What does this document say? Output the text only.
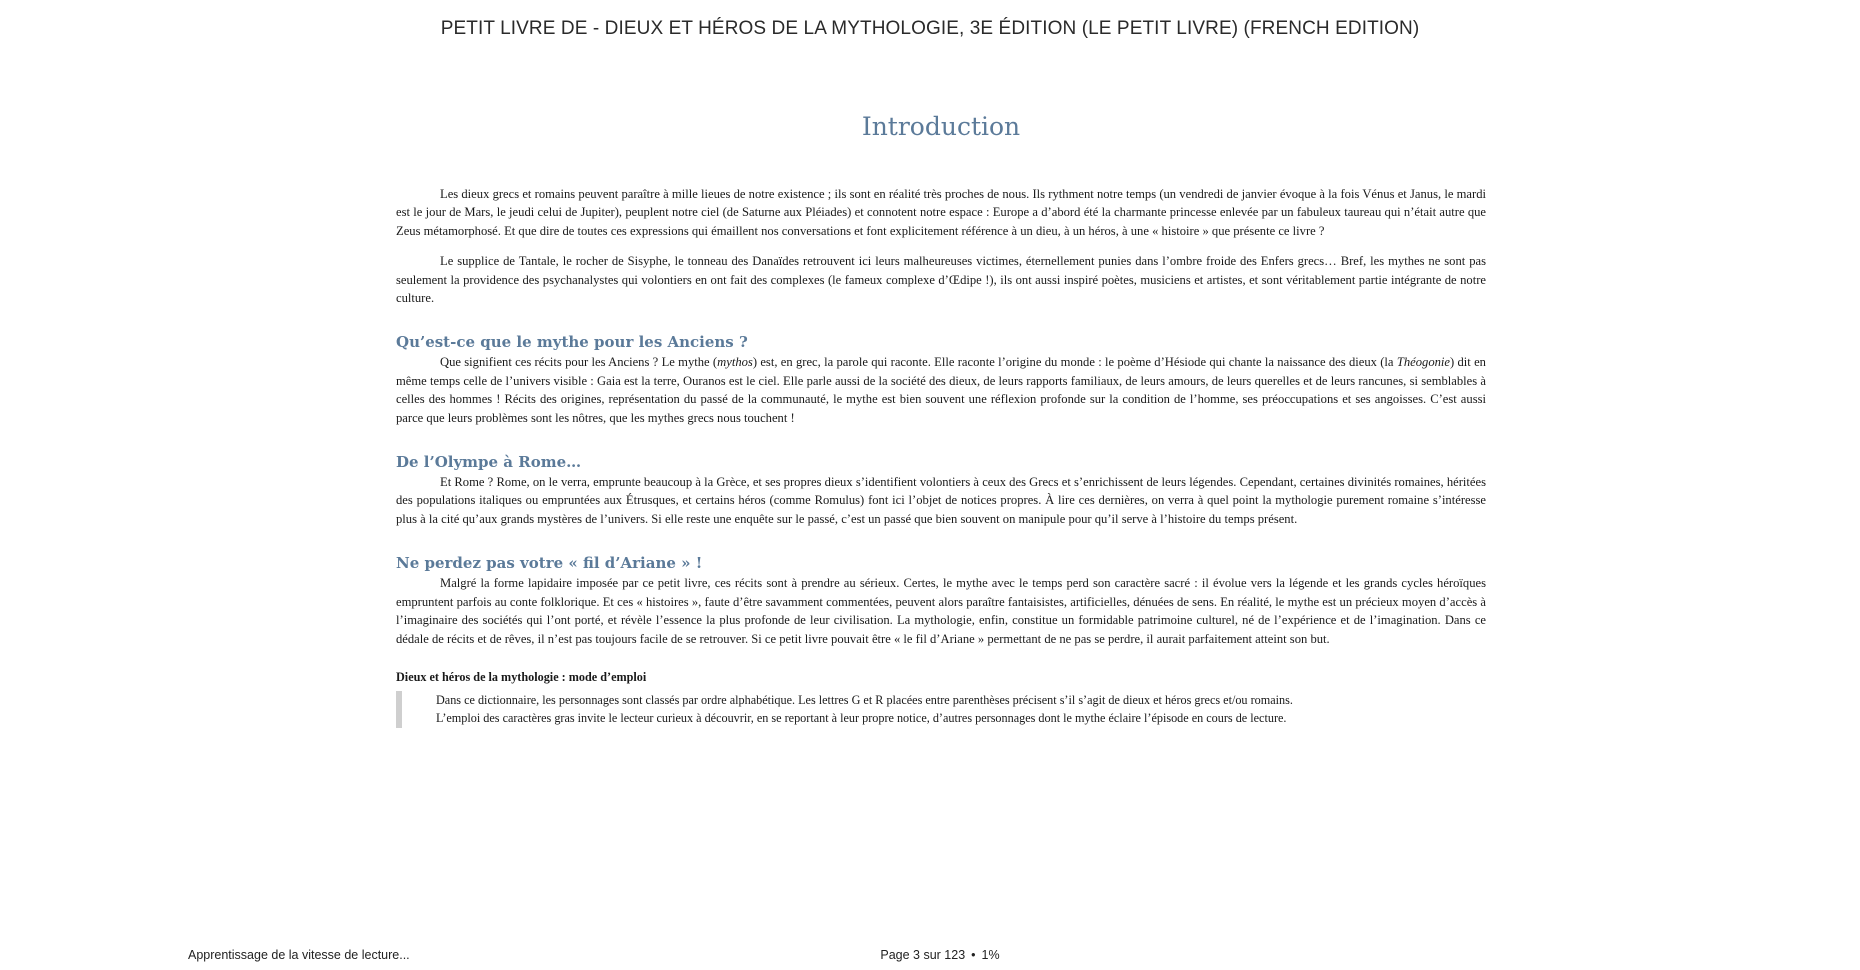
PETIT LIVRE DE - DIEUX ET HÉROS DE LA MYTHOLOGIE, 3E ÉDITION (LE PETIT LIVRE) (FRENCH EDITION)
Introduction

Les dieux grecs et romains peuvent paraître à mille lieues de notre existence ; ils sont en réalité très proches de nous. Ils rythment notre temps (un vendredi de janvier évoque à la fois Vénus et Janus, le mardi est le jour de Mars, le jeudi celui de Jupiter), peuplent notre ciel (de Saturne aux Pléiades) et connotent notre espace : Europe a d’abord été la charmante princesse enlevée par un fabuleux taureau qui n’était autre que Zeus métamorphosé. Et que dire de toutes ces expressions qui émaillent nos conversations et font explicitement référence à un dieu, à un héros, à une « histoire » que présente ce livre ?

Le supplice de Tantale, le rocher de Sisyphe, le tonneau des Danaïdes retrouvent ici leurs malheureuses victimes, éternellement punies dans l’ombre froide des Enfers grecs… Bref, les mythes ne sont pas seulement la providence des psychanalystes qui volontiers en ont fait des complexes (le fameux complexe d’Œdipe !), ils ont aussi inspiré poètes, musiciens et artistes, et sont véritablement partie intégrante de notre culture.

Qu’est-ce que le mythe pour les Anciens ?

Que signifient ces récits pour les Anciens ? Le mythe (mythos) est, en grec, la parole qui raconte. Elle raconte l’origine du monde : le poème d’Hésiode qui chante la naissance des dieux (la Théogonie) dit en même temps celle de l’univers visible : Gaia est la terre, Ouranos est le ciel. Elle parle aussi de la société des dieux, de leurs rapports familiaux, de leurs amours, de leurs querelles et de leurs rancunes, si semblables à celles des hommes ! Récits des origines, représentation du passé de la communauté, le mythe est bien souvent une réflexion profonde sur la condition de l’homme, ses préoccupations et ses angoisses. C’est aussi parce que leurs problèmes sont les nôtres, que les mythes grecs nous touchent !

De l’Olympe à Rome…

Et Rome ? Rome, on le verra, emprunte beaucoup à la Grèce, et ses propres dieux s’identifient volontiers à ceux des Grecs et s’enrichissent de leurs légendes. Cependant, certaines divinités romaines, héritées des populations italiques ou empruntées aux Étrusques, et certains héros (comme Romulus) font ici l’objet de notices propres. À lire ces dernières, on verra à quel point la mythologie purement romaine s’intéresse plus à la cité qu’aux grands mystères de l’univers. Si elle reste une enquête sur le passé, c’est un passé que bien souvent on manipule pour qu’il serve à l’histoire du temps présent.

Ne perdez pas votre « fil d’Ariane » !

Malgré la forme lapidaire imposée par ce petit livre, ces récits sont à prendre au sérieux. Certes, le mythe avec le temps perd son caractère sacré : il évolue vers la légende et les grands cycles héroïques empruntent parfois au conte folklorique. Et ces « histoires », faute d’être savamment commentées, peuvent alors paraître fantaisistes, artificielles, dénuées de sens. En réalité, le mythe est un précieux moyen d’accès à l’imaginaire des sociétés qui l’ont porté, et révèle l’essence la plus profonde de leur civilisation. La mythologie, enfin, constitue un formidable patrimoine culturel, né de l’expérience et de l’imagination. Dans ce dédale de récits et de rêves, il n’est pas toujours facile de se retrouver. Si ce petit livre pouvait être « le fil d’Ariane » permettant de ne pas se perdre, il aurait parfaitement atteint son but.

Dieux et héros de la mythologie : mode d’emploi

Dans ce dictionnaire, les personnages sont classés par ordre alphabétique. Les lettres G et R placées entre parenthèses précisent s’il s’agit de dieux et héros grecs et/ou romains.

L’emploi des caractères gras invite le lecteur curieux à découvrir, en se reportant à leur propre notice, d’autres personnages dont le mythe éclaire l’épisode en cours de lecture.

Apprentissage de la vitesse de lecture...	Page 3 sur 123 • 1%
